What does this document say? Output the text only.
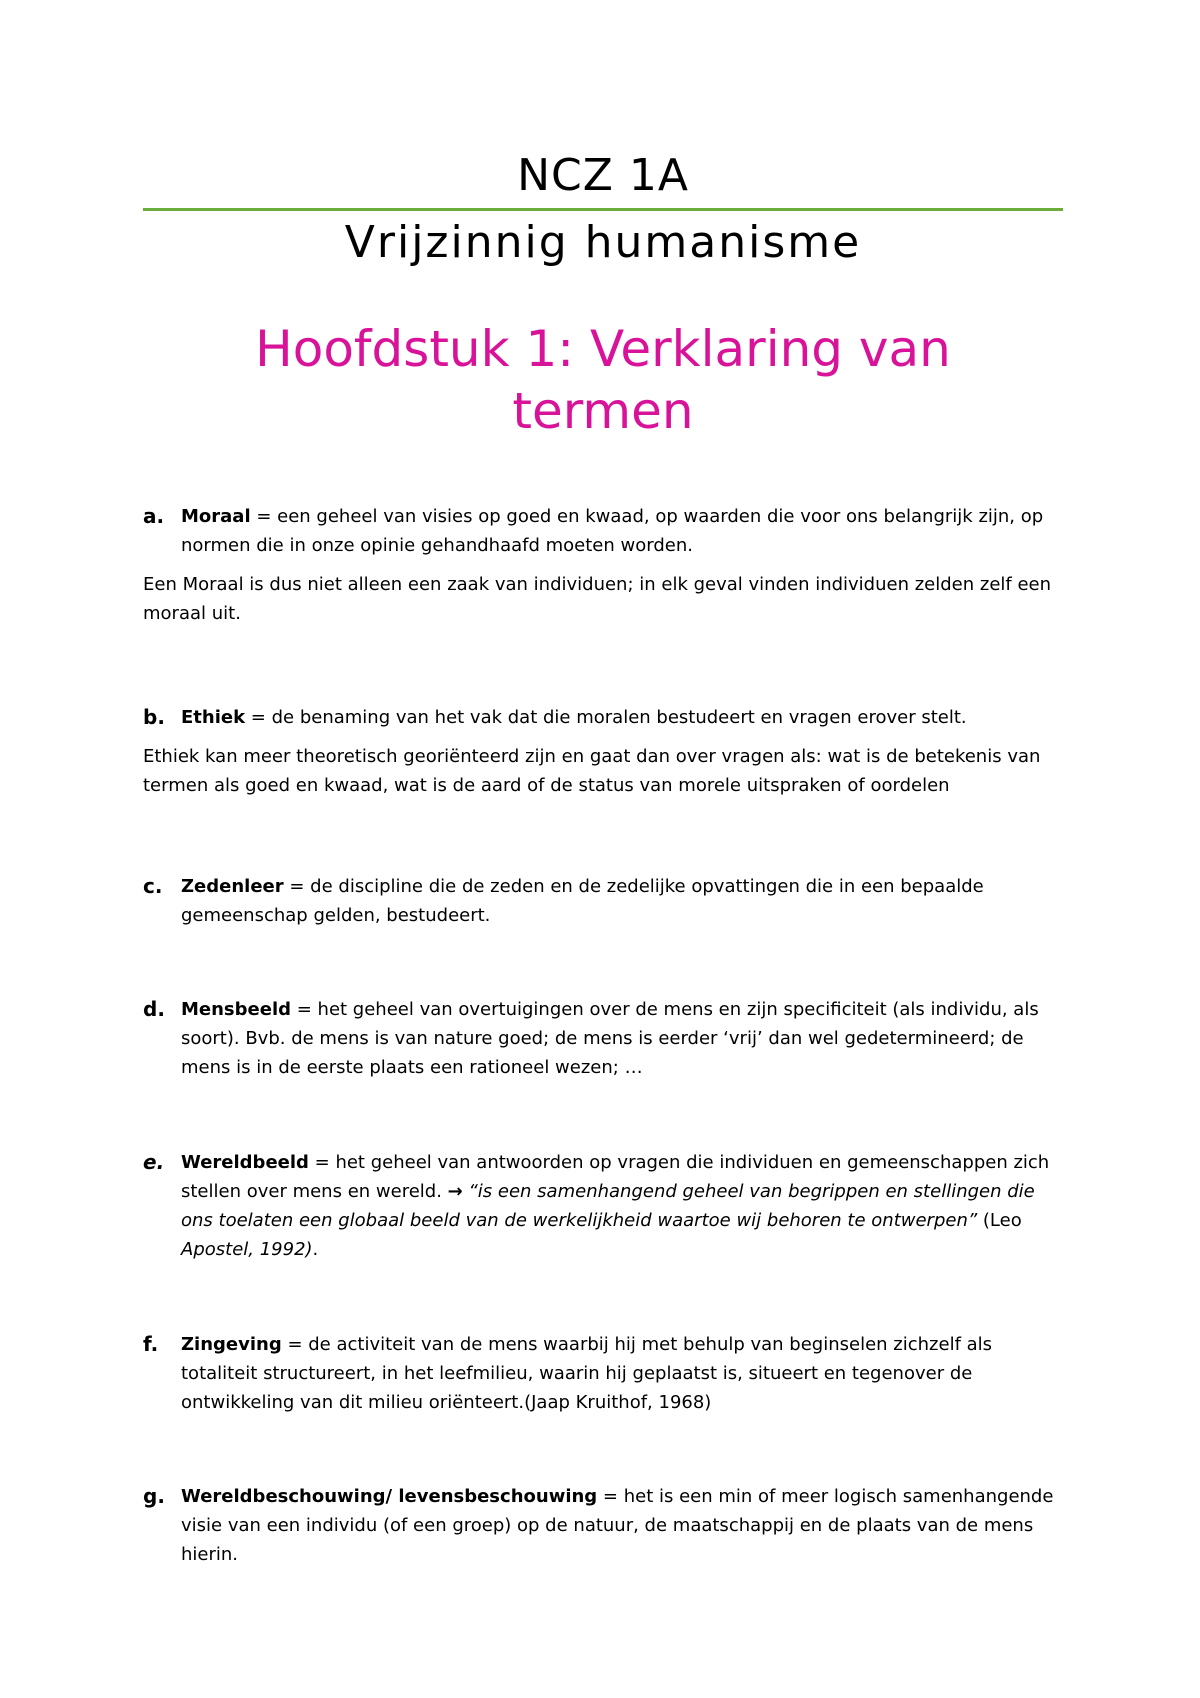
NCZ 1A
Vrijzinnig humanisme
Hoofdstuk 1: Verklaring van
termen
a. Moraal = een geheel van visies op goed en kwaad, op waarden die voor ons belangrijk zijn, op normen die in onze opinie gehandhaafd moeten worden.
Een Moraal is dus niet alleen een zaak van individuen; in elk geval vinden individuen zelden zelf een moraal uit.
b. Ethiek = de benaming van het vak dat die moralen bestudeert en vragen erover stelt.
Ethiek kan meer theoretisch georiënteerd zijn en gaat dan over vragen als: wat is de betekenis van termen als goed en kwaad, wat is de aard of de status van morele uitspraken of oordelen
c.	Zedenleer = de discipline die de zeden en de zedelijke opvattingen die in een bepaalde gemeenschap gelden, bestudeert.
d. Mensbeeld = het geheel van overtuigingen over de mens en zijn specificiteit (als individu, als soort). Bvb. de mens is van nature goed; de mens is eerder ‘vrij’ dan wel gedetermineerd; de mens is in de eerste plaats een rationeel wezen; …
e. Wereldbeeld = het geheel van antwoorden op vragen die individuen en gemeenschappen zich stellen over mens en wereld. → “is een samenhangend geheel van begrippen en stellingen die ons toelaten een globaal beeld van de werkelijkheid waartoe wij behoren te ontwerpen” (Leo Apostel, 1992).
f.	Zingeving = de activiteit van de mens waarbij hij met behulp van beginselen zichzelf als totaliteit structureert, in het leefmilieu, waarin hij geplaatst is, situeert en tegenover de ontwikkeling van dit milieu oriënteert.(Jaap Kruithof, 1968)
g. Wereldbeschouwing/ levensbeschouwing = het is een min of meer logisch samenhangende visie van een individu (of een groep) op de natuur, de maatschappij en de plaats van de mens hierin.
